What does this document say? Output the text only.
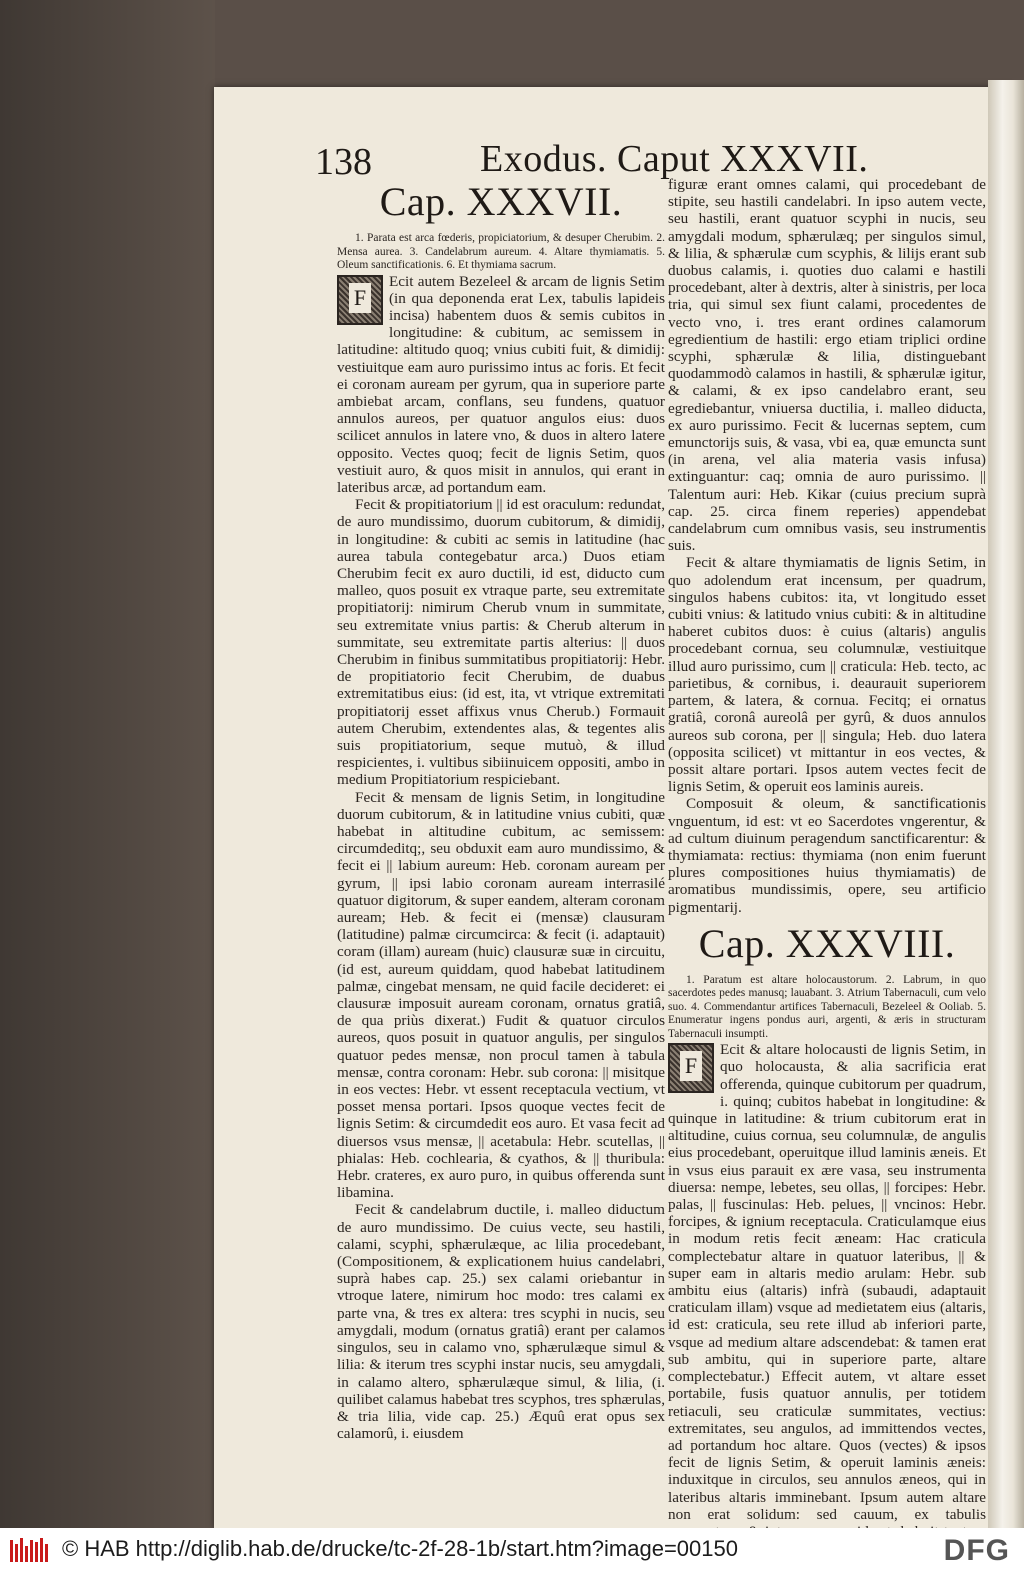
138	Exodus. Caput XXXVII.
Cap. XXXVII.

1. Parata est arca fœderis, propiciatorium, & desuper Cherubim. 2. Mensa aurea. 3. Candelabrum aureum. 4. Altare thymiamatis. 5. Oleum sanctificationis. 6. Et thymiama sacrum.

F

Ecit autem Bezeleel & arcam de lignis Setim (in qua deponenda erat Lex, tabulis lapideis incisa) habentem duos & semis cubitos in longitudine: & cubitum, ac semissem in latitudine: altitudo quoq; vnius cubiti fuit, & dimidij: vestiuitque eam auro purissimo intus ac foris. Et fecit ei coronam auream per gyrum, qua in superiore parte ambiebat arcam, conflans, seu fundens, quatuor annulos aureos, per quatuor angulos eius: duos scilicet annulos in latere vno, & duos in altero latere opposito. Vectes quoq; fecit de lignis Setim, quos vestiuit auro, & quos misit in annulos, qui erant in lateribus arcæ, ad portandum eam.

Fecit & propitiatorium || id est oraculum: redundat, de auro mundissimo, duorum cubitorum, & dimidij, in longitudine: & cubiti ac semis in latitudine (hac aurea tabula contegebatur arca.) Duos etiam Cherubim fecit ex auro ductili, id est, diducto cum malleo, quos posuit ex vtraque parte, seu extremitate propitiatorij: nimirum Cherub vnum in summitate, seu extremitate vnius partis: & Cherub alterum in summitate, seu extremitate partis alterius: || duos Cherubim in finibus summitatibus propitiatorij: Hebr. de propitiatorio fecit Cherubim, de duabus extremitatibus eius: (id est, ita, vt vtrique extremitati propitiatorij esset affixus vnus Cherub.) Formauit autem Cherubim, extendentes alas, & tegentes alis suis propitiatorium, seque mutuò, & illud respicientes, i. vultibus sibiinuicem oppositi, ambo in medium Propitiatorium respiciebant.

Fecit & mensam de lignis Setim, in longitudine duorum cubitorum, & in latitudine vnius cubiti, quæ habebat in altitudine cubitum, ac semissem: circumdeditq;, seu obduxit eam auro mundissimo, & fecit ei || labium aureum: Heb. coronam auream per gyrum, || ipsi labio coronam auream interrasilé quatuor digitorum, & super eandem, alteram coronam auream; Heb. & fecit ei (mensæ) clausuram (latitudine) palmæ circumcirca: & fecit (i. adaptauit) coram (illam) auream (huic) clausuræ suæ in circuitu, (id est, aureum quiddam, quod habebat latitudinem palmæ, cingebat mensam, ne quid facile decideret: ei clausuræ imposuit auream coronam, ornatus gratiâ, de qua priùs dixerat.) Fudit & quatuor circulos aureos, quos posuit in quatuor angulis, per singulos quatuor pedes mensæ, non procul tamen à tabula mensæ, contra coronam: Hebr. sub corona: || misitque in eos vectes: Hebr. vt essent receptacula vectium, vt posset mensa portari. Ipsos quoque vectes fecit de lignis Setim: & circumdedit eos auro. Et vasa fecit ad diuersos vsus mensæ, || acetabula: Hebr. scutellas, || phialas: Heb. cochlearia, & cyathos, & || thuribula: Hebr. crateres, ex auro puro, in quibus offerenda sunt libamina.

Fecit & candelabrum ductile, i. malleo diductum de auro mundissimo. De cuius vecte, seu hastili, calami, scyphi, sphærulæque, ac lilia procedebant, (Compositionem, & explicationem huius candelabri, suprà habes cap. 25.) sex calami oriebantur in vtroque latere, nimirum hoc modo: tres calami ex parte vna, & tres ex altera: tres scyphi in nucis, seu amygdali, modum (ornatus gratiâ) erant per calamos singulos, seu in calamo vno, sphærulæque simul & lilia: & iterum tres scyphi instar nucis, seu amygdali, in calamo altero, sphærulæque simul, & lilia, (i. quilibet calamus habebat tres scyphos, tres sphærulas, & tria lilia, vide cap. 25.) Æquû erat opus sex calamorû, i. eiusdem

figuræ erant omnes calami, qui procedebant de stipite, seu hastili candelabri. In ipso autem vecte, seu hastili, erant quatuor scyphi in nucis, seu amygdali modum, sphærulæq; per singulos simul, & lilia, & sphærulæ cum scyphis, & lilijs erant sub duobus calamis, i. quoties duo calami e hastili procedebant, alter à dextris, alter à sinistris, per loca tria, qui simul sex fiunt calami, procedentes de vecto vno, i. tres erant ordines calamorum egredientium de hastili: ergo etiam triplici ordine scyphi, sphærulæ & lilia, distinguebant quodammodò calamos in hastili, & sphærulæ igitur, & calami, & ex ipso candelabro erant, seu egrediebantur, vniuersa ductilia, i. malleo diducta, ex auro purissimo. Fecit & lucernas septem, cum emunctorijs suis, & vasa, vbi ea, quæ emuncta sunt (in arena, vel alia materia vasis infusa) extinguantur: caq; omnia de auro purissimo. || Talentum auri: Heb. Kikar (cuius precium suprà cap. 25. circa finem reperies) appendebat candelabrum cum omnibus vasis, seu instrumentis suis.

Fecit & altare thymiamatis de lignis Setim, in quo adolendum erat incensum, per quadrum, singulos habens cubitos: ita, vt longitudo esset cubiti vnius: & latitudo vnius cubiti: & in altitudine haberet cubitos duos: è cuius (altaris) angulis procedebant cornua, seu columnulæ, vestiuitque illud auro purissimo, cum || craticula: Heb. tecto, ac parietibus, & cornibus, i. deaurauit superiorem partem, & latera, & cornua. Fecitq; ei ornatus gratiâ, coronâ aureolâ per gyrû, & duos annulos aureos sub corona, per || singula; Heb. duo latera (opposita scilicet) vt mittantur in eos vectes, & possit altare portari. Ipsos autem vectes fecit de lignis Setim, & operuit eos laminis aureis.

Composuit & oleum, & sanctificationis vnguentum, id est: vt eo Sacerdotes vngerentur, & ad cultum diuinum peragendum sanctificarentur: & thymiamata: rectius: thymiama (non enim fuerunt plures compositiones huius thymiamatis) de aromatibus mundissimis, opere, seu artificio pigmentarij.

Cap. XXXVIII.

1. Paratum est altare holocaustorum. 2. Labrum, in quo sacerdotes pedes manusq; lauabant. 3. Atrium Tabernaculi, cum velo suo. 4. Commendantur artifices Tabernaculi, Bezeleel & Ooliab. 5. Enumeratur ingens pondus auri, argenti, & æris in structuram Tabernaculi insumpti.

F

Ecit & altare holocausti de lignis Setim, in quo holocausta, & alia sacrificia erat offerenda, quinque cubitorum per quadrum, i. quinq; cubitos habebat in longitudine: & quinque in latitudine: & trium cubitorum erat in altitudine, cuius cornua, seu columnulæ, de angulis eius procedebant, operuitque illud laminis æneis. Et in vsus eius parauit ex ære vasa, seu instrumenta diuersa: nempe, lebetes, seu ollas, || forcipes: Hebr. palas, || fuscinulas: Heb. pelues, || vncinos: Hebr. forcipes, & ignium receptacula. Craticulamque eius in modum retis fecit æneam: Hac craticula complectebatur altare in quatuor lateribus, || & super eam in altaris medio arulam: Hebr. sub ambitu eius (altaris) infrà (subaudi, adaptauit craticulam illam) vsque ad medietatem eius (altaris, id est: craticula, seu rete illud ab inferiori parte, vsque ad medium altare adscendebat: & tamen erat sub ambitu, qui in superiore parte, altare complectebatur.) Effecit autem, vt altare esset portabile, fusis quatuor annulis, per totidem retiaculi, seu craticulæ summitates, vectius: extremitates, seu angulos, ad immittendos vectes, ad portandum hoc altare. Quos (vectes) & ipsos fecit de lignis Setim, & operuit laminis æneis: induxitque in circulos, seu annulos æneos, qui in lateribus altaris imminebant. Ipsum autem altare non erat solidum: sed cauum, ex tabulis

© HAB http://diglib.hab.de/drucke/tc-2f-28-1b/start.htm?image=00150	DFG
